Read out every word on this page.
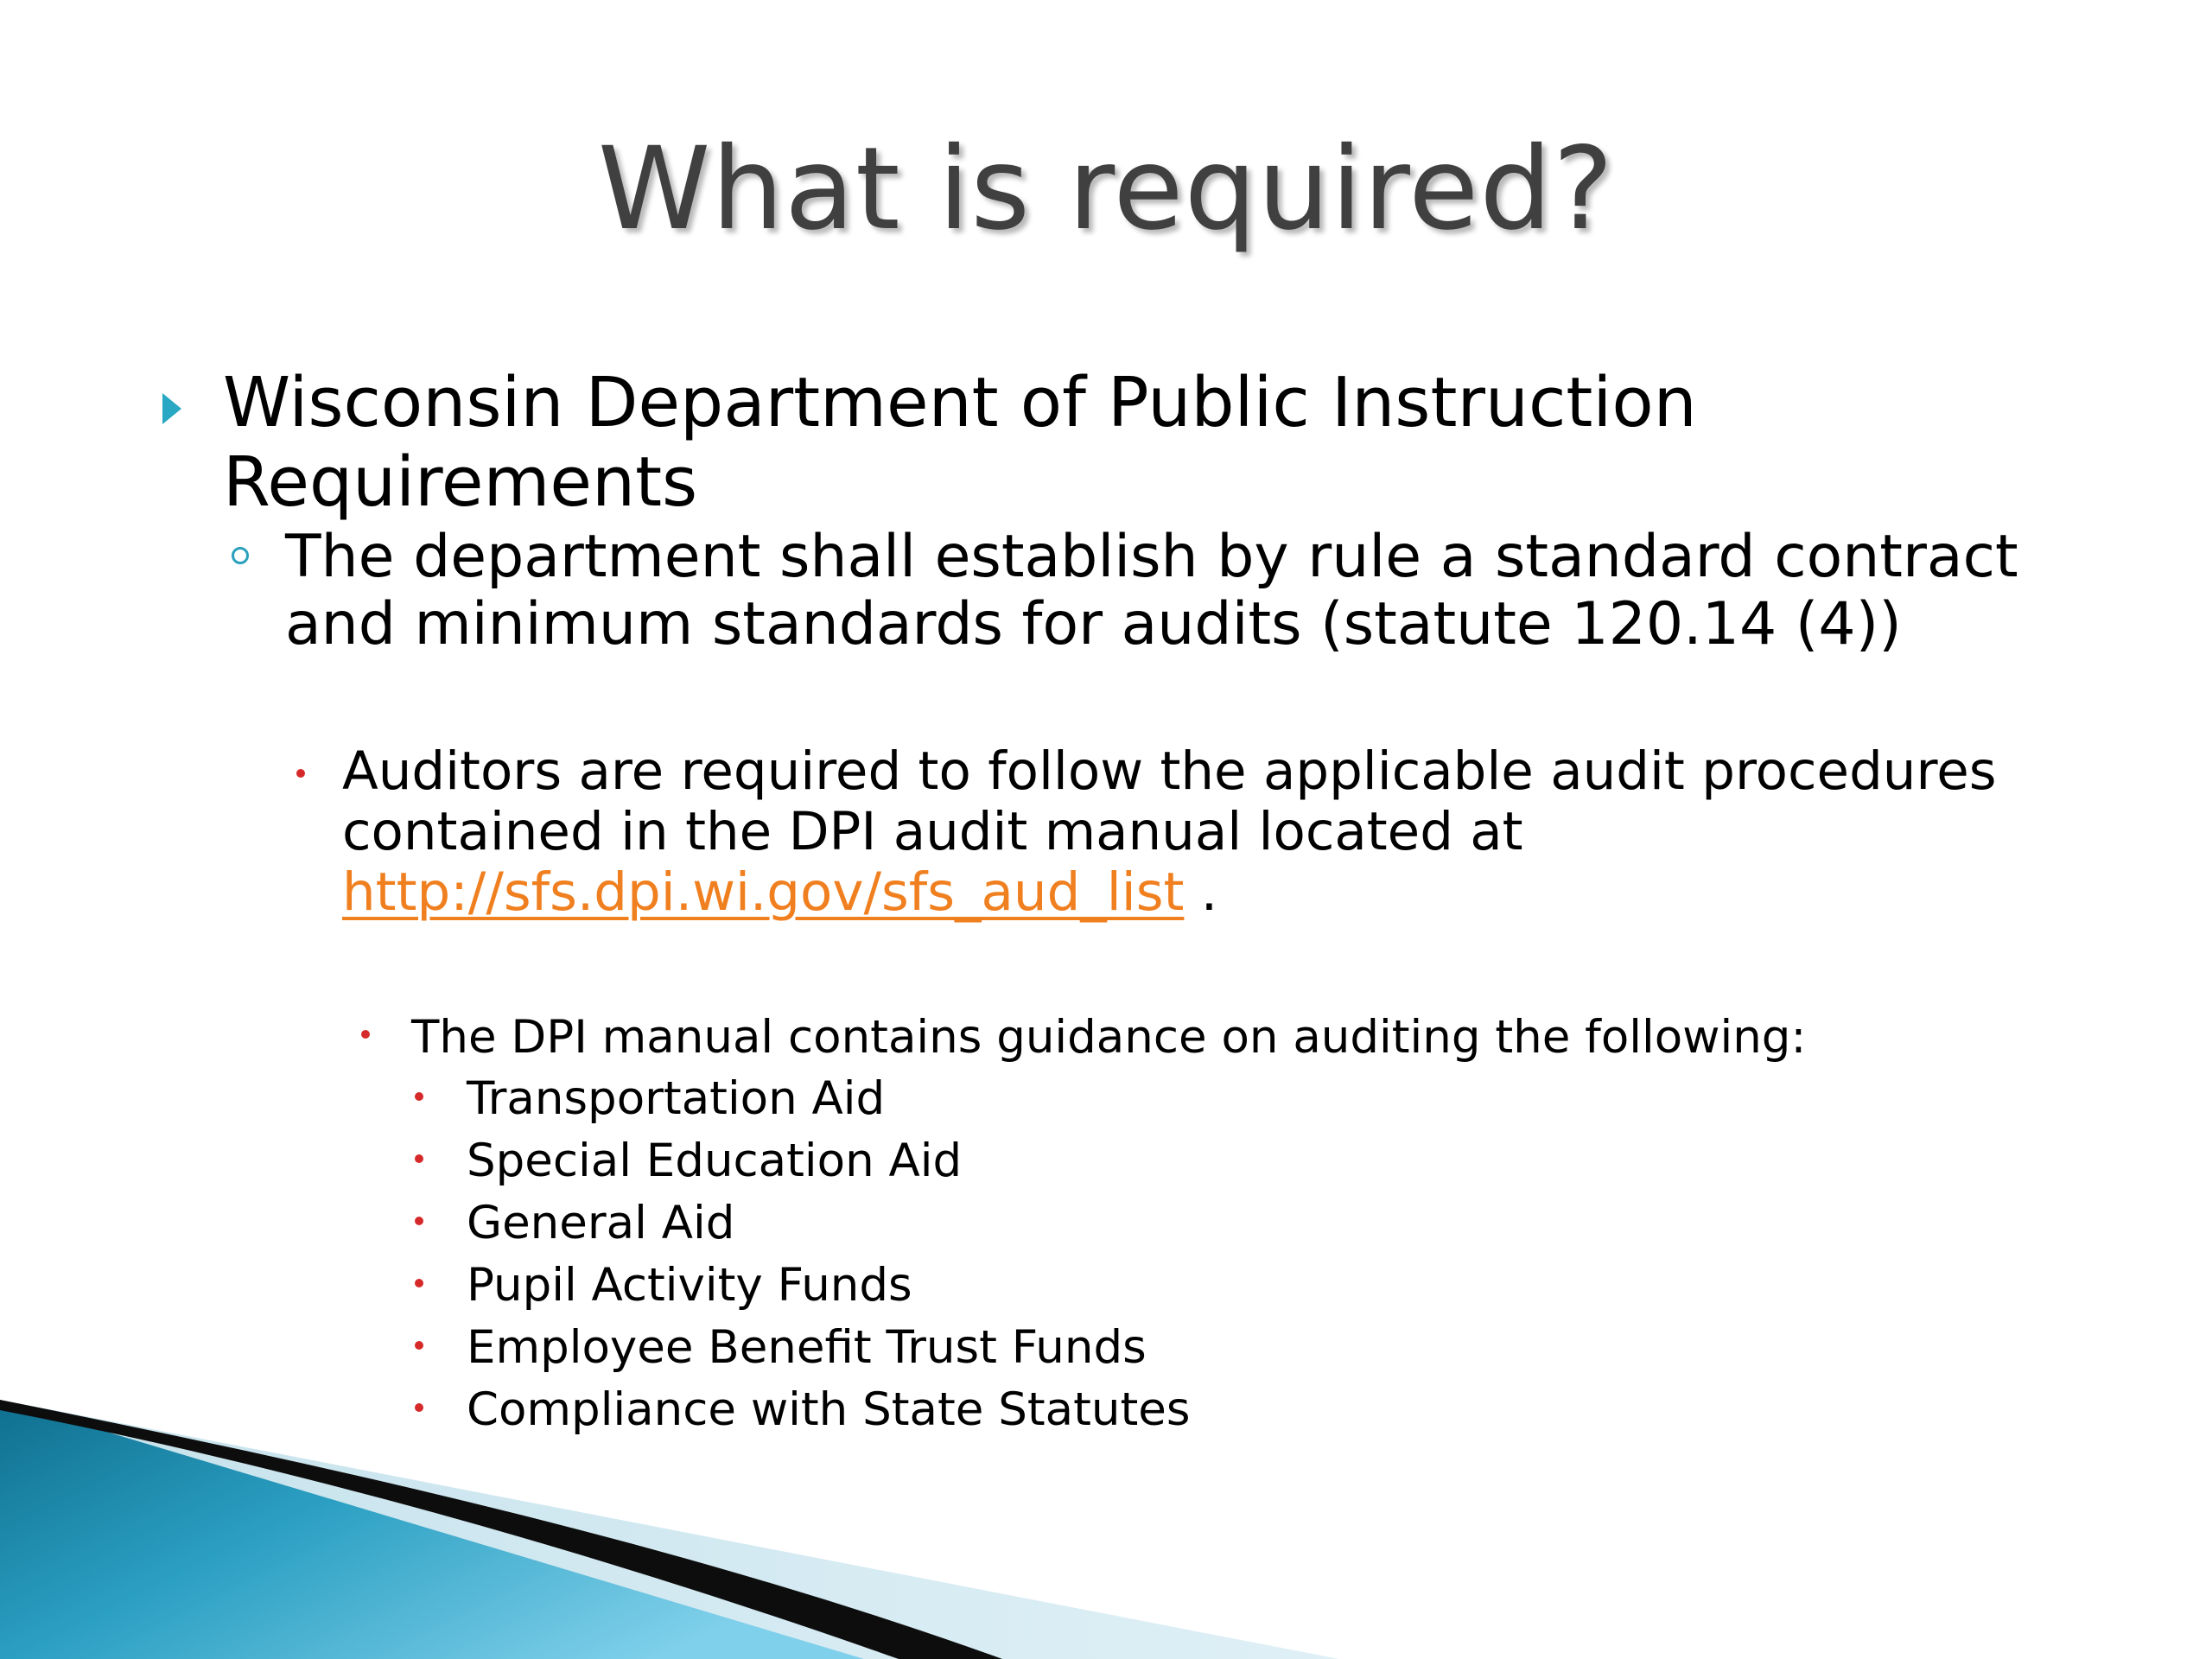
What is required?
Wisconsin Department of Public Instruction Requirements
The department shall establish by rule a standard contract and minimum standards for audits (statute 120.14 (4))
Auditors are required to follow the applicable audit procedures contained in the DPI audit manual located at http://sfs.dpi.wi.gov/sfs_aud_list .
The DPI manual contains guidance on auditing the following:
Transportation Aid
Special Education Aid
General Aid
Pupil Activity Funds
Employee Benefit Trust Funds
Compliance with State Statutes
